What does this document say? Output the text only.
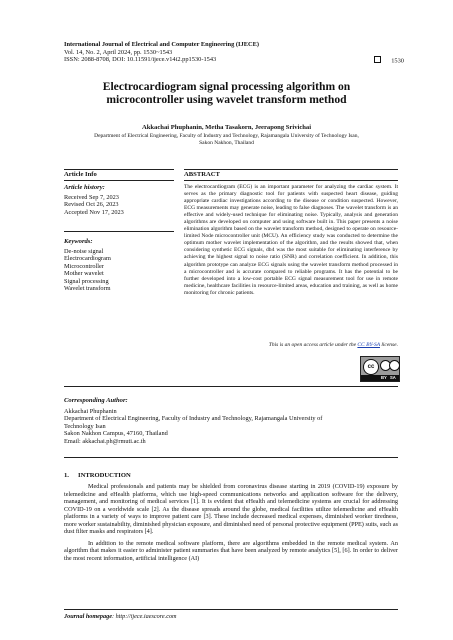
International Journal of Electrical and Computer Engineering (IJECE)
Vol. 14, No. 2, April 2024, pp. 1530~1543
ISSN: 2088-8708, DOI: 10.11591/ijece.v14i2.pp1530-1543	1530
Electrocardiogram signal processing algorithm on
microcontroller using wavelet transform method
Akkachai Phuphanin, Metha Tasakorn, Jeerapong Srivichai
Department of Electrical Engineering, Faculty of Industry and Technology, Rajamangala University of Technology Isan,
Sakon Nakhon, Thailand
Article Info	ABSTRACT
Article history:
Received Sep 7, 2023
Revised Oct 26, 2023
Accepted Nov 17, 2023
Keywords:
De-noise signal
Electrocardiogram
Microcontroller
Mother wavelet
Signal processing
Wavelet transform
The electrocardiogram (ECG) is an important parameter for analyzing the cardiac system. It serves as the primary diagnostic tool for patients with suspected heart disease, guiding appropriate cardiac investigations according to the disease or condition suspected. However, ECG measurements may generate noise, leading to false diagnoses. The wavelet transform is an effective and widely-used technique for eliminating noise. Typically, analysis and generation algorithms are developed on computer and using software built in. This paper presents a noise elimination algorithm based on the wavelet transform method, designed to operate on resource-limited Node microcontroller unit (MCU). An efficiency study was conducted to determine the optimum mother wavelet implementation of the algorithm, and the results showed that, when considering synthetic ECG signals, db4 was the most suitable for eliminating interference by achieving the highest signal to noise ratio (SNR) and correlation coefficient. In addition, this algorithm prototype can analyze ECG signals using the wavelet transform method processed in a microcontroller and is accurate compared to reliable programs. It has the potential to be further developed into a low-cost portable ECG signal measurement tool for use in remote medicine, healthcare facilities in resource-limited areas, education and training, as well as home monitoring for chronic patients.
This is an open access article under the CC BY-SA license.
cc
BY SA
Corresponding Author:
Akkachai Phuphanin
Department of Electrical Engineering, Faculty of Industry and Technology, Rajamangala University of
Technology Isan
Sakon Nakhon Campus, 47160, Thailand
Email: akkachai.ph@rmuti.ac.th
1. INTRODUCTION

Medical professionals and patients may be shielded from coronavirus disease starting in 2019 (COVID-19) exposure by telemedicine and eHealth platforms, which use high-speed communications networks and application software for the delivery, management, and monitoring of medical services [1]. It is evident that eHealth and telemedicine systems are crucial for addressing COVID-19 on a worldwide scale [2]. As the disease spreads around the globe, medical facilities utilize telemedicine and eHealth platforms in a variety of ways to improve patient care [3]. These include decreased medical expenses, diminished worker tiredness, more worker sustainability, diminished physician exposure, and diminished need of personal protective equipment (PPE) suits, such as dust filter masks and respirators [4].

In addition to the remote medical software platform, there are algorithms embedded in the remote medical system. An algorithm that makes it easier to administer patient summaries that have been analyzed by remote analytics [5], [6]. In order to deliver the most recent information, artificial intelligence (AI)

Journal homepage: http://ijece.iaescore.com
